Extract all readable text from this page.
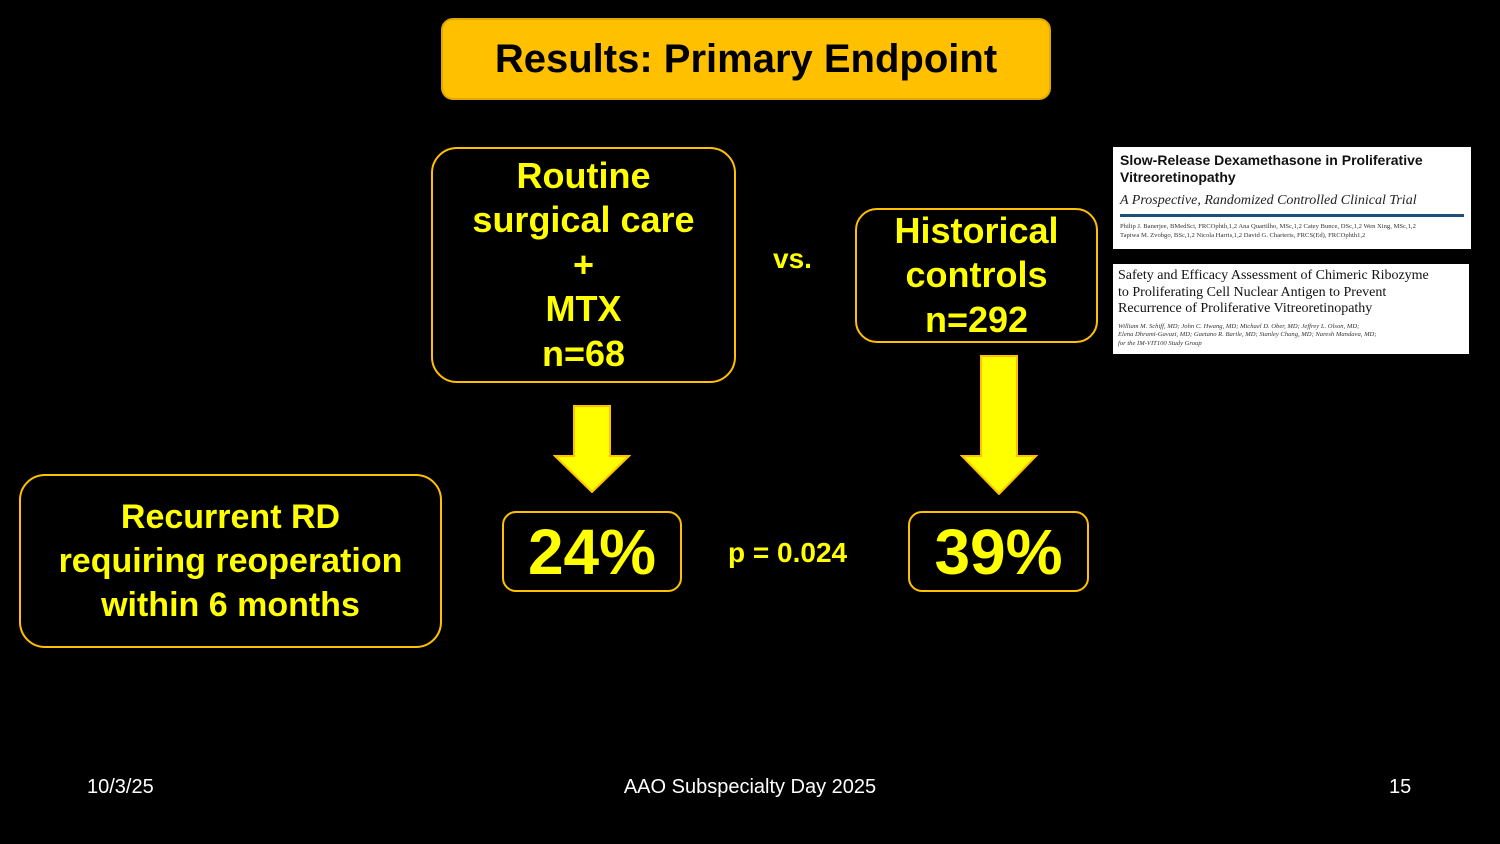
Results: Primary Endpoint
Routine
surgical care
+
MTX
n=68
vs.
Historical
controls
n=292
Recurrent RD
requiring reoperation
within 6 months
24%	p = 0.024 39%
Slow-Release Dexamethasone in Proliferative
Vitreoretinopathy
A Prospective, Randomized Controlled Clinical Trial
Philip J. Banerjee, BMedSci, FRCOphth,1,2 Ana Quartilho, MSc,1,2 Catey Bunce, DSc,1,2 Wen Xing, MSc,1,2
Tapiwa M. Zvobgo, BSc,1,2 Nicola Harris,1,2 David G. Charteris, FRCS(Ed), FRCOphth1,2
Safety and Efficacy Assessment of Chimeric Ribozyme
to Proliferating Cell Nuclear Antigen to Prevent
Recurrence of Proliferative Vitreoretinopathy
William M. Schiff, MD; John C. Hwang, MD; Michael D. Ober, MD; Jeffrey L. Olson, MD;
Elena Dhrami-Gavazi, MD; Gaetano R. Barile, MD; Stanley Chang, MD; Naresh Mandava, MD;
for the IM-VIT100 Study Group
10/3/25	AAO Subspecialty Day 2025	15
